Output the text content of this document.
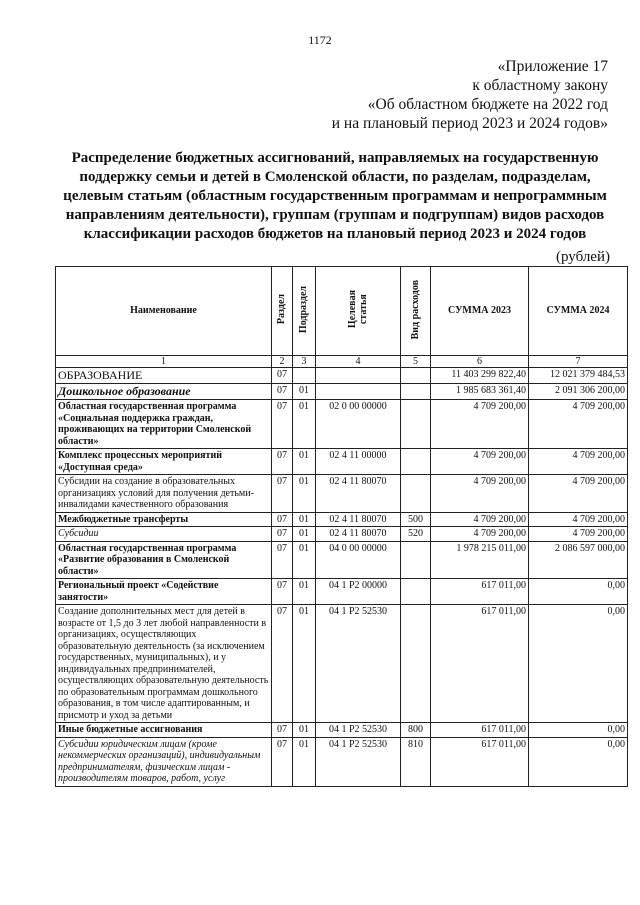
1172
«Приложение 17
к областному закону
«Об областном бюджете на 2022 год
и на плановый период 2023 и 2024 годов»
Распределение бюджетных ассигнований, направляемых на государственную
поддержку семьи и детей в Смоленской области, по разделам, подразделам,
целевым статьям (областным государственным программам и непрограммным
направлениям деятельности), группам (группам и подгруппам) видов расходов
классификации расходов бюджетов на плановый период 2023 и 2024 годов
(рублей)
Наименование	Раздел	Подраздел	Целевая
статья	Вид расходов	СУММА 2023	СУММА 2024
1	2	3	4	5	6	7
ОБРАЗОВАНИЕ	07				11 403 299 822,40	12 021 379 484,53
Дошкольное образование	07	01			1 985 683 361,40	2 091 306 200,00
Областная государственная программа «Социальная поддержка граждан, проживающих на территории Смоленской области»	07	01	02 0 00 00000		4 709 200,00	4 709 200,00
Комплекс процессных мероприятий «Доступная среда»	07	01	02 4 11 00000		4 709 200,00	4 709 200,00
Субсидии на создание в образовательных организациях условий для получения детьми-инвалидами качественного образования	07	01	02 4 11 80070		4 709 200,00	4 709 200,00
Межбюджетные трансферты	07	01	02 4 11 80070	500	4 709 200,00	4 709 200,00
Субсидии	07	01	02 4 11 80070	520	4 709 200,00	4 709 200,00
Областная государственная программа «Развитие образования в Смоленской области»	07	01	04 0 00 00000		1 978 215 011,00	2 086 597 000,00
Региональный проект «Содействие занятости»	07	01	04 1 P2 00000		617 011,00	0,00
Создание дополнительных мест для детей в возрасте от 1,5 до 3 лет любой направленности в организациях, осуществляющих образовательную деятельность (за исключением государственных, муниципальных), и у индивидуальных предпринимателей, осуществляющих образовательную деятельность по образовательным программам дошкольного образования, в том числе адаптированным, и присмотр и уход за детьми	07	01	04 1 P2 52530		617 011,00	0,00
Иные бюджетные ассигнования	07	01	04 1 P2 52530	800	617 011,00	0,00
Субсидии юридическим лицам (кроме некоммерческих организаций), индивидуальным предпринимателям, физическим лицам - производителям товаров, работ, услуг	07	01	04 1 P2 52530	810	617 011,00	0,00
